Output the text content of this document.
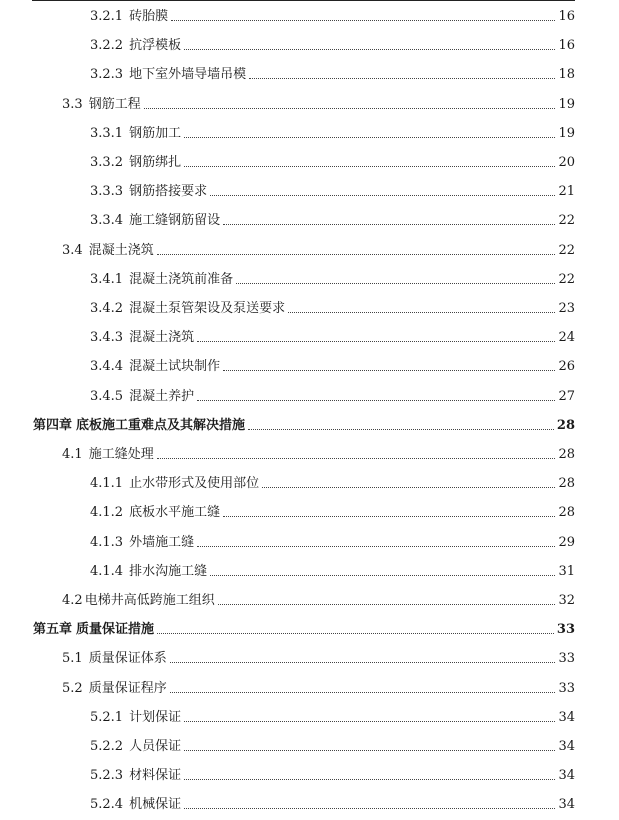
3.2.1 砖胎膜	16
3.2.2 抗浮模板	16
3.2.3 地下室外墙导墙吊模	18
3.3 钢筋工程	19
3.3.1 钢筋加工	19
3.3.2 钢筋绑扎	20
3.3.3 钢筋搭接要求	21
3.3.4 施工缝钢筋留设	22
3.4 混凝土浇筑	22
3.4.1 混凝土浇筑前准备	22
3.4.2 混凝土泵管架设及泵送要求	23
3.4.3 混凝土浇筑	24
3.4.4 混凝土试块制作	26
3.4.5 混凝土养护	27
第四章 底板施工重难点及其解决措施	28
4.1 施工缝处理	28
4.1.1 止水带形式及使用部位	28
4.1.2 底板水平施工缝	28
4.1.3 外墙施工缝	29
4.1.4 排水沟施工缝	31
4.2 电梯井高低跨施工组织	32
第五章 质量保证措施	33
5.1 质量保证体系	33
5.2 质量保证程序	33
5.2.1 计划保证	34
5.2.2 人员保证	34
5.2.3 材料保证	34
5.2.4 机械保证	34
